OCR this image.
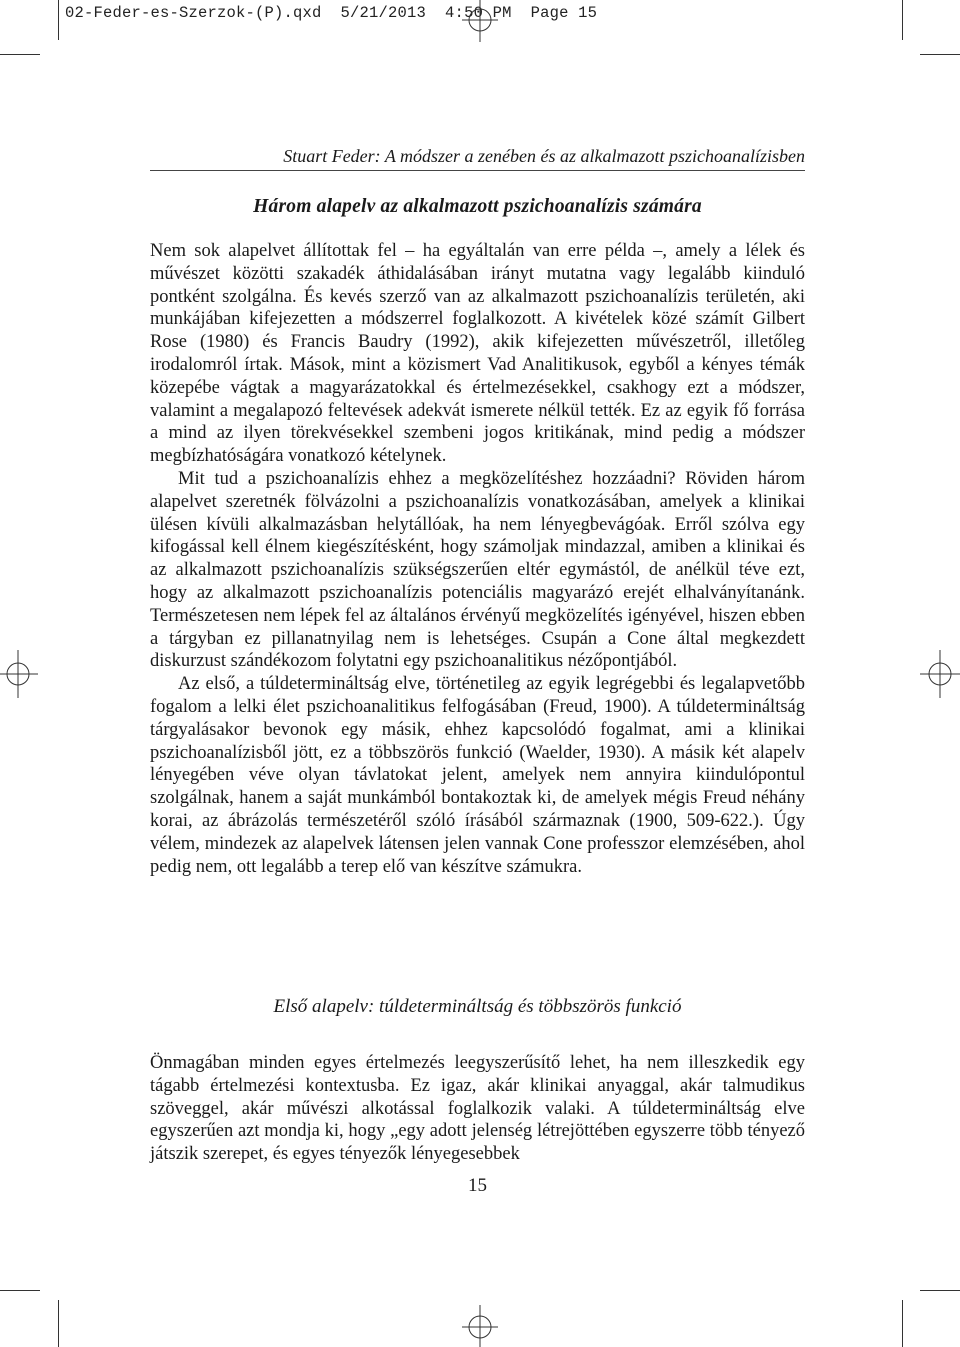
02-Feder-es-Szerzok-(P).qxd  5/21/2013  4:50 PM  Page 15
Stuart Feder: A módszer a zenében és az alkalmazott pszichoanalízisben
Három alapelv az alkalmazott pszichoanalízis számára

Nem sok alapelvet állítottak fel – ha egyáltalán van erre példa –, amely a lélek és művészet közötti szakadék áthidalásában irányt mutatna vagy legalább kiinduló pontként szolgálna. És kevés szerző van az alkalmazott pszichoanalízis területén, aki munkájában kifejezetten a módszerrel foglalkozott. A kivételek közé számít Gilbert Rose (1980) és Francis Baudry (1992), akik kifejezetten művészetről, illetőleg irodalomról írtak. Mások, mint a közismert Vad Analitikusok, egyből a kényes témák közepébe vágtak a magyarázatokkal és értelmezésekkel, csakhogy ezt a módszer, valamint a megalapozó feltevések adekvát ismerete nélkül tették. Ez az egyik fő forrása a mind az ilyen törekvésekkel szembeni jogos kritikának, mind pedig a módszer megbízhatóságára vonatkozó kételynek.

Mit tud a pszichoanalízis ehhez a megközelítéshez hozzáadni? Röviden három alapelvet szeretnék fölvázolni a pszichoanalízis vonatkozásában, amelyek a klinikai ülésen kívüli alkalmazásban helytállóak, ha nem lényegbevágóak. Erről szólva egy kifogással kell élnem kiegészítésként, hogy számoljak mindazzal, amiben a klinikai és az alkalmazott pszichoanalízis szükségszerűen eltér egymástól, de anélkül téve ezt, hogy az alkalmazott pszichoanalízis potenciális magyarázó erejét elhalványítanánk. Természetesen nem lépek fel az általános érvényű megközelítés igényével, hiszen ebben a tárgyban ez pillanatnyilag nem is lehetséges. Csupán a Cone által megkezdett diskurzust szándékozom folytatni egy pszichoanalitikus nézőpontjából.

Az első, a túldetermináltság elve, történetileg az egyik legrégebbi és legalapvetőbb fogalom a lelki élet pszichoanalitikus felfogásában (Freud, 1900). A túldetermináltság tárgyalásakor bevonok egy másik, ehhez kapcsolódó fogalmat, ami a klinikai pszichoanalízisből jött, ez a többszörös funkció (Waelder, 1930). A másik két alapelv lényegében véve olyan távlatokat jelent, amelyek nem annyira kiindulópontul szolgálnak, hanem a saját munkámból bontakoztak ki, de amelyek mégis Freud néhány korai, az ábrázolás természetéről szóló írásából származnak (1900, 509-622.). Úgy vélem, mindezek az alapelvek látensen jelen vannak Cone professzor elemzésében, ahol pedig nem, ott legalább a terep elő van készítve számukra.

Első alapelv: túldetermináltság és többszörös funkció

Önmagában minden egyes értelmezés leegyszerűsítő lehet, ha nem illeszkedik egy tágabb értelmezési kontextusba. Ez igaz, akár klinikai anyaggal, akár talmudikus szöveggel, akár művészi alkotással foglalkozik valaki. A túldetermináltság elve egyszerűen azt mondja ki, hogy „egy adott jelenség létrejöttében egyszerre több tényező játszik szerepet, és egyes tényezők lényegesebbek

15
